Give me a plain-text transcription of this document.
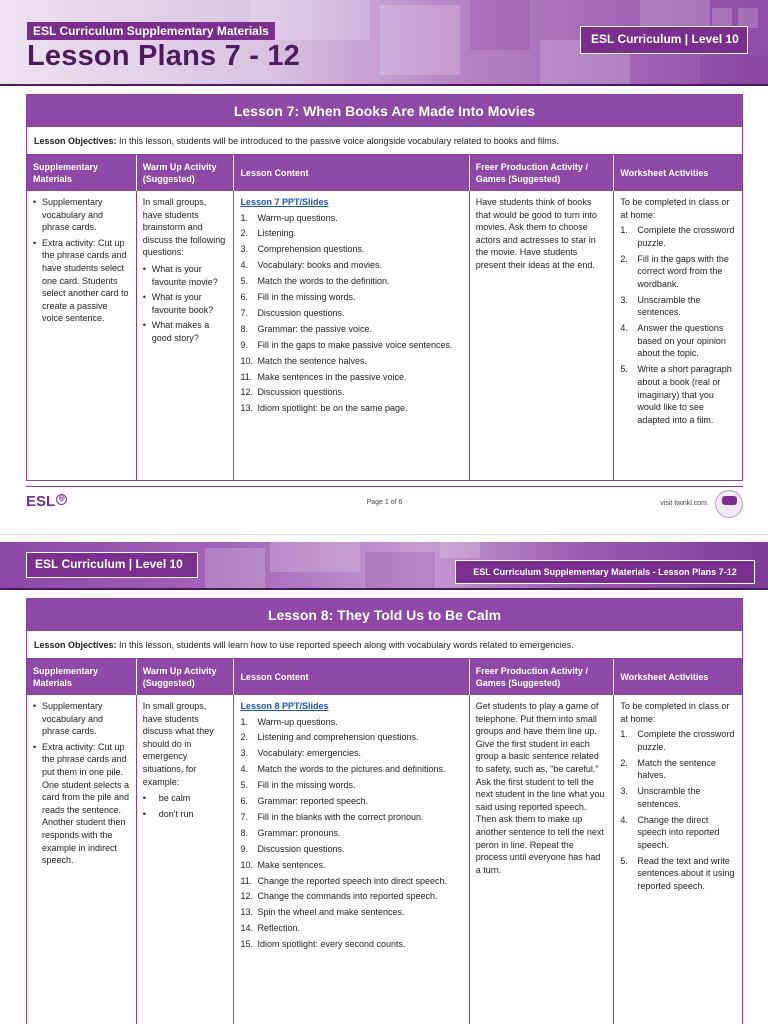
ESL Curriculum Supplementary Materials
Lesson Plans 7 - 12
ESL Curriculum | Level 10
Lesson 7: When Books Are Made Into Movies
Lesson Objectives: In this lesson, students will be introduced to the passive voice alongside vocabulary related to books and films.
Supplementary Materials
Warm Up Activity (Suggested)
Lesson Content
Freer Production Activity / Games (Suggested)
Worksheet Activities
• Supplementary vocabulary and phrase cards.
• Extra activity: Cut up the phrase cards and have students select one card. Students select another card to create a passive voice sentence.
In small groups, have students brainstorm and discuss the following questions:
• What is your favourite movie?
• What is your favourite book?
• What makes a good story?
Lesson 7 PPT/Slides
1. Warm-up questions.
2. Listening.
3. Comprehension questions.
4. Vocabulary: books and movies.
5. Match the words to the definition.
6. Fill in the missing words.
7. Discussion questions.
8. Grammar: the passive voice.
9. Fill in the gaps to make passive voice sentences.
10. Match the sentence halves.
11. Make sentences in the passive voice.
12. Discussion questions.
13. Idiom spotlight: be on the same page.
Have students think of books that would be good to turn into movies. Ask them to choose actors and actresses to star in the movie. Have students present their ideas at the end.
To be completed in class or at home:
1. Complete the crossword puzzle.
2. Fill in the gaps with the correct word from the wordbank.
3. Unscramble the sentences.
4. Answer the questions based on your opinion about the topic.
5. Write a short paragraph about a book (real or imaginary) that you would like to see adapted into a film.
ESL ◎
Page 1 of 6	visit twinkl.com
ESL Curriculum | Level 10
ESL Curriculum Supplementary Materials - Lesson Plans 7-12
Lesson 8: They Told Us to Be Calm
Lesson Objectives: In this lesson, students will learn how to use reported speech along with vocabulary words related to emergencies.
Supplementary Materials
Warm Up Activity (Suggested)
Lesson Content
Freer Production Activity / Games (Suggested)
Worksheet Activities
• Supplementary vocabulary and phrase cards.
• Extra activity: Cut up the phrase cards and put them in one pile. One student selects a card from the pile and reads the sentence. Another student then responds with the example in indirect speech.
In small groups, have students discuss what they should do in emergency situations, for example:
• be calm
• don't run
Lesson 8 PPT/Slides
1. Warm-up questions.
2. Listening and comprehension questions.
3. Vocabulary: emergencies.
4. Match the words to the pictures and definitions.
5. Fill in the missing words.
6. Grammar: reported speech.
7. Fill in the blanks with the correct pronoun.
8. Grammar: pronouns.
9. Discussion questions.
10. Make sentences.
11. Change the reported speech into direct speech.
12. Change the commands into reported speech.
13. Spin the wheel and make sentences.
14. Reflection.
15. Idiom spotlight: every second counts.
Get students to play a game of telephone. Put them into small groups and have them line up. Give the first student in each group a basic sentence related to safety, such as, "be careful." Ask the first student to tell the next student in the line what you said using reported speech. Then ask them to make up another sentence to tell the next peron in line. Repeat the process until everyone has had a turn.
To be completed in class or at home:
1. Complete the crossword puzzle.
2. Match the sentence halves.
3. Unscramble the sentences.
4. Change the direct speech into reported speech.
5. Read the text and write sentences about it using reported speech.
